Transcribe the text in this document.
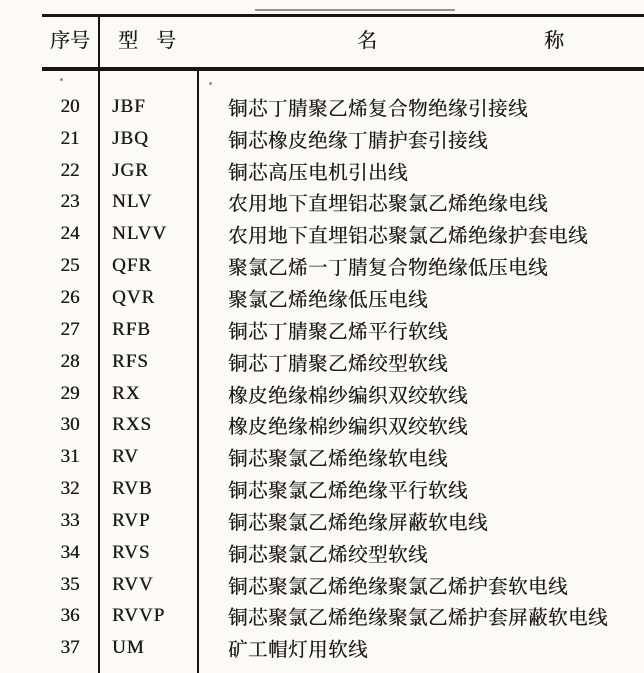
序号	型 号	名	称
20	JBF	铜芯丁腈聚乙烯复合物绝缘引接线
21	JBQ	铜芯橡皮绝缘丁腈护套引接线
22	JGR	铜芯高压电机引出线
23	NLV	农用地下直埋铝芯聚氯乙烯绝缘电线
24	NLVV	农用地下直埋铝芯聚氯乙烯绝缘护套电线
25	QFR	聚氯乙烯一丁腈复合物绝缘低压电线
26	QVR	聚氯乙烯绝缘低压电线
27	RFB	铜芯丁腈聚乙烯平行软线
28	RFS	铜芯丁腈聚乙烯绞型软线
29	RX	橡皮绝缘棉纱编织双绞软线
30	RXS	橡皮绝缘棉纱编织双绞软线
31	RV	铜芯聚氯乙烯绝缘软电线
32	RVB	铜芯聚氯乙烯绝缘平行软线
33	RVP	铜芯聚氯乙烯绝缘屏蔽软电线
34	RVS	铜芯聚氯乙烯绞型软线
35	RVV	铜芯聚氯乙烯绝缘聚氯乙烯护套软电线
36	RVVP	铜芯聚氯乙烯绝缘聚氯乙烯护套屏蔽软电线
37	UM	矿工帽灯用软线
